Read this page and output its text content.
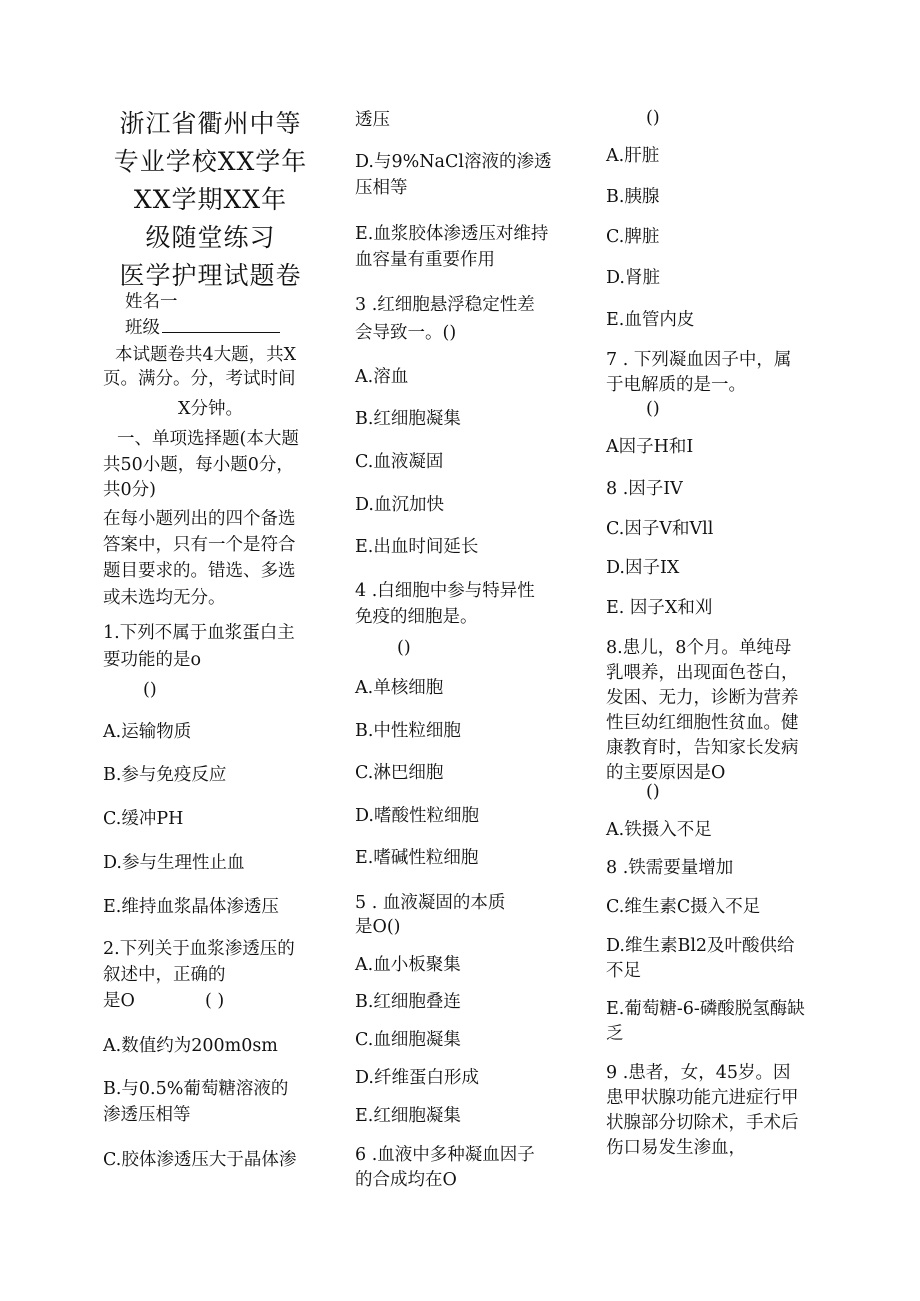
浙江省衢州中等
专业学校XX学年
XX学期XX年
级随堂练习
医学护理试题卷
姓名一
班级
本试题卷共4大题，共X
页。满分。分，考试时间
X分钟。
一、单项选择题(本大题
共50小题，每小题0分，
共0分)
在每小题列出的四个备选
答案中，只有一个是符合
题目要求的。错选、多选
或未选均无分。
1.下列不属于血浆蛋白主
要功能的是o
()
A.运输物质
B.参与免疫反应
C.缓冲PH
D.参与生理性止血
E.维持血浆晶体渗透压
2.下列关于血浆渗透压的
叙述中，正确的
是O	( )
A.数值约为200m0sm
B.与0.5%葡萄糖溶液的
渗透压相等
C.胶体渗透压大于晶体渗
透压
D.与9%NaCl溶液的渗透
压相等
E.血浆胶体渗透压对维持
血容量有重要作用
3 .红细胞悬浮稳定性差
会导致一。()
A.溶血
B.红细胞凝集
C.血液凝固
D.血沉加快
E.出血时间延长
4 .白细胞中参与特异性
免疫的细胞是。
()
A.单核细胞
B.中性粒细胞
C.淋巴细胞
D.嗜酸性粒细胞
E.嗜碱性粒细胞
5 . 血液凝固的本质
是O()
A.血小板聚集
B.红细胞叠连
C.血细胞凝集
D.纤维蛋白形成
E.红细胞凝集
6 .血液中多种凝血因子
的合成均在O
()
A.肝脏
B.胰腺
C.脾脏
D.肾脏
E.血管内皮
7 . 下列凝血因子中，属
于电解质的是一。
()
A因子H和I
8 .因子IV
C.因子V和Vll
D.因子IX
E. 因子X和刈
8.患儿，8个月。单纯母
乳喂养，出现面色苍白，
发困、无力，诊断为营养
性巨幼红细胞性贫血。健
康教育时，告知家长发病
的主要原因是O
()
A.铁摄入不足
8 .铁需要量增加
C.维生素C摄入不足
D.维生素Bl2及叶酸供给
不足
E.葡萄糖-6-磷酸脱氢酶缺
乏
9 .患者，女，45岁。因
患甲状腺功能亢进症行甲
状腺部分切除术，手术后
伤口易发生渗血，
